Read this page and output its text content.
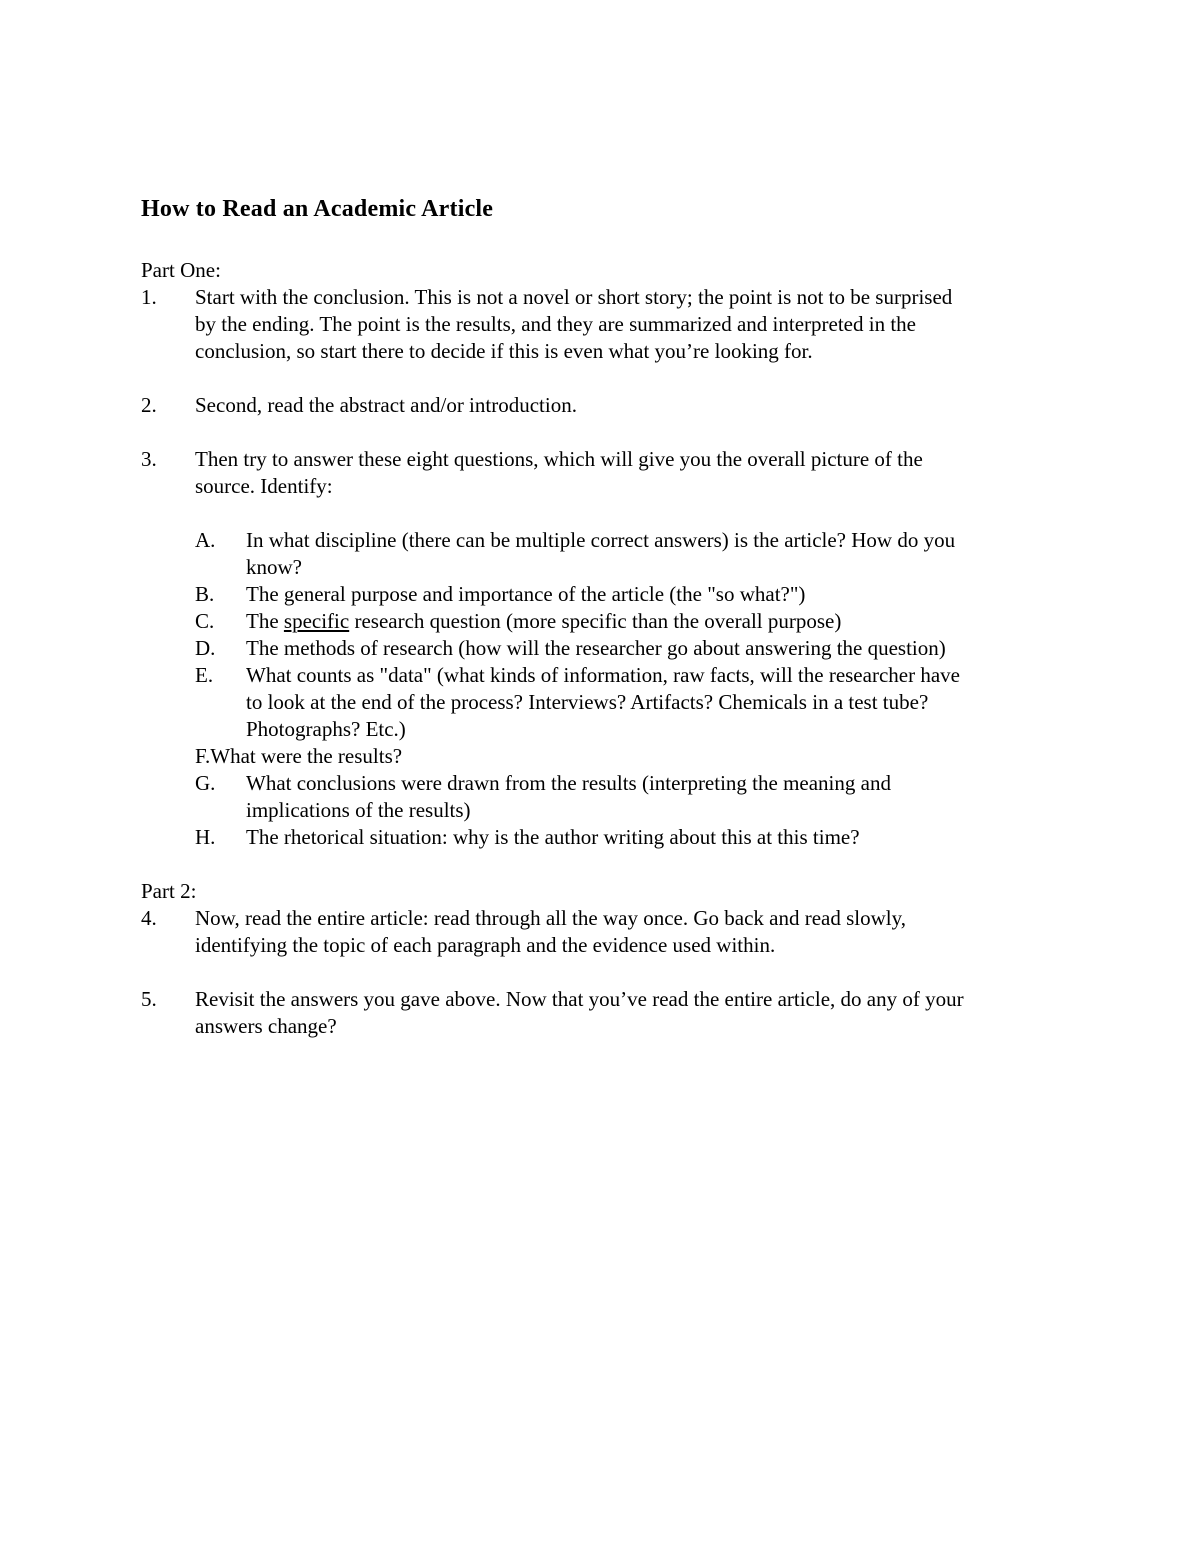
How to Read an Academic Article
Part One:
1. Start with the conclusion. This is not a novel or short story; the point is not to be surprised
by the ending. The point is the results, and they are summarized and interpreted in the
conclusion, so start there to decide if this is even what you’re looking for.
2. Second, read the abstract and/or introduction.
3. Then try to answer these eight questions, which will give you the overall picture of the
source. Identify:
A. In what discipline (there can be multiple correct answers) is the article? How do you
know?
B. The general purpose and importance of the article (the "so what?")
C. The specific research question (more specific than the overall purpose)
D. The methods of research (how will the researcher go about answering the question)
E. What counts as "data" (what kinds of information, raw facts, will the researcher have
to look at the end of the process? Interviews? Artifacts? Chemicals in a test tube?
Photographs? Etc.)
F.What were the results?
G. What conclusions were drawn from the results (interpreting the meaning and
implications of the results)
H. The rhetorical situation: why is the author writing about this at this time?
Part 2:
4. Now, read the entire article: read through all the way once. Go back and read slowly,
identifying the topic of each paragraph and the evidence used within.
5. Revisit the answers you gave above. Now that you’ve read the entire article, do any of your
answers change?
